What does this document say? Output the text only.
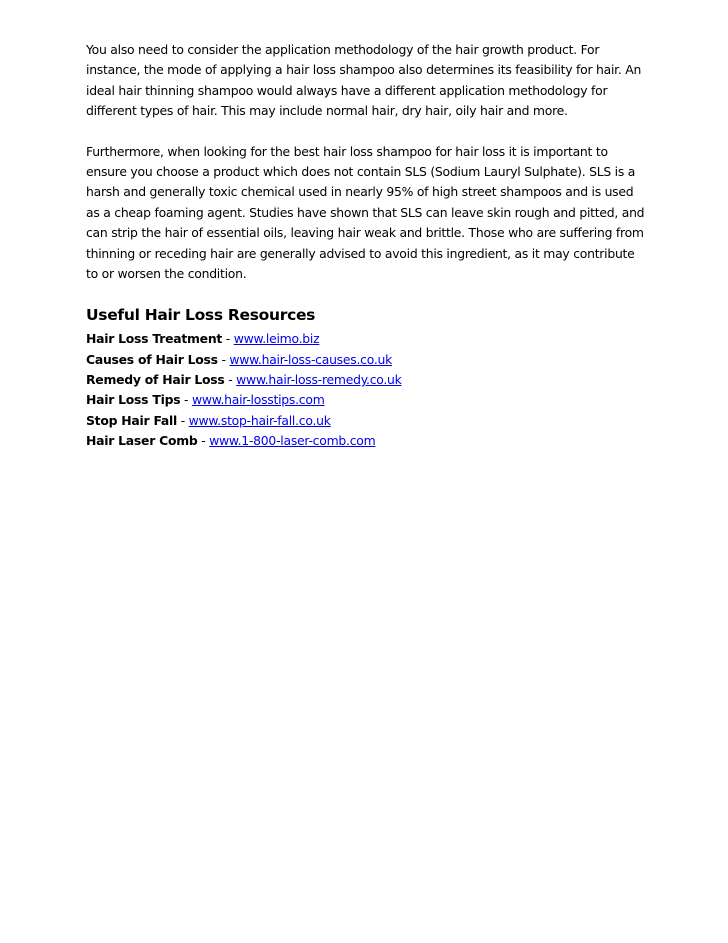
You also need to consider the application methodology of the hair growth product. For instance, the mode of applying a hair loss shampoo also determines its feasibility for hair. An ideal hair thinning shampoo would always have a different application methodology for different types of hair. This may include normal hair, dry hair, oily hair and more.

Furthermore, when looking for the best hair loss shampoo for hair loss it is important to ensure you choose a product which does not contain SLS (Sodium Lauryl Sulphate). SLS is a harsh and generally toxic chemical used in nearly 95% of high street shampoos and is used as a cheap foaming agent. Studies have shown that SLS can leave skin rough and pitted, and can strip the hair of essential oils, leaving hair weak and brittle. Those who are suffering from thinning or receding hair are generally advised to avoid this ingredient, as it may contribute to or worsen the condition.

Useful Hair Loss Resources
Hair Loss Treatment - www.leimo.biz
Causes of Hair Loss - www.hair-loss-causes.co.uk
Remedy of Hair Loss - www.hair-loss-remedy.co.uk
Hair Loss Tips - www.hair-losstips.com
Stop Hair Fall - www.stop-hair-fall.co.uk
Hair Laser Comb - www.1-800-laser-comb.com
